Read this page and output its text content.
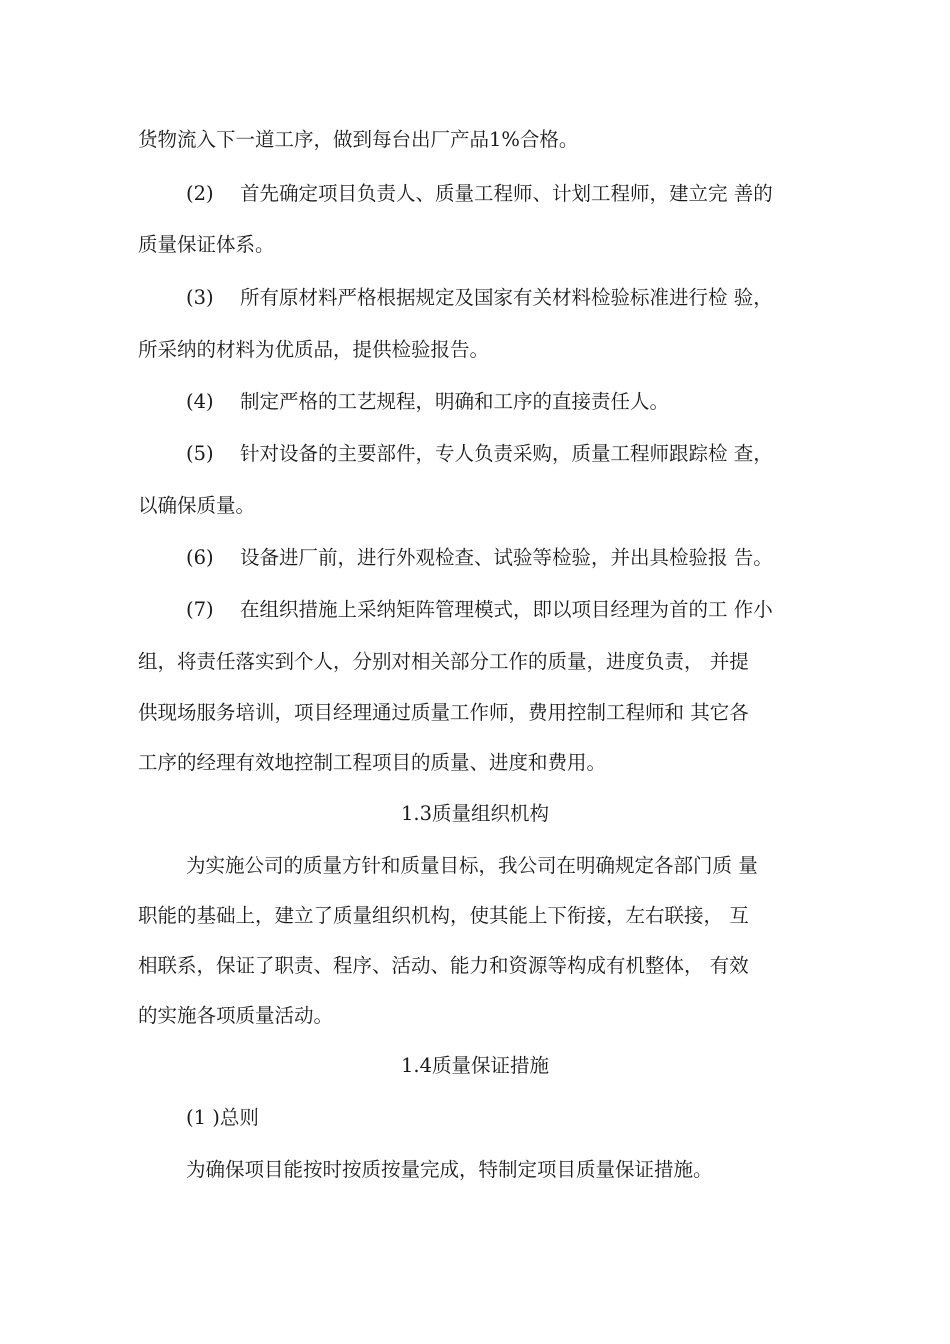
货物流入下一道工序，做到每台出厂产品1%合格。
(2) 首先确定项目负责人、质量工程师、计划工程师，建立完 善的
质量保证体系。
(3) 所有原材料严格根据规定及国家有关材料检验标准进行检 验，
所采纳的材料为优质品，提供检验报告。
(4) 制定严格的工艺规程，明确和工序的直接责任人。
(5) 针对设备的主要部件，专人负责采购，质量工程师跟踪检 查，
以确保质量。
(6) 设备进厂前，进行外观检查、试验等检验，并出具检验报 告。
(7) 在组织措施上采纳矩阵管理模式，即以项目经理为首的工 作小
组，将责任落实到个人，分别对相关部分工作的质量，进度负责， 并提
供现场服务培训，项目经理通过质量工作师，费用控制工程师和 其它各
工序的经理有效地控制工程项目的质量、进度和费用。
1.3质量组织机构
为实施公司的质量方针和质量目标，我公司在明确规定各部门质 量
职能的基础上，建立了质量组织机构，使其能上下衔接，左右联接， 互
相联系，保证了职责、程序、活动、能力和资源等构成有机整体， 有效
的实施各项质量活动。
1.4质量保证措施
(1 )总则
为确保项目能按时按质按量完成，特制定项目质量保证措施。
